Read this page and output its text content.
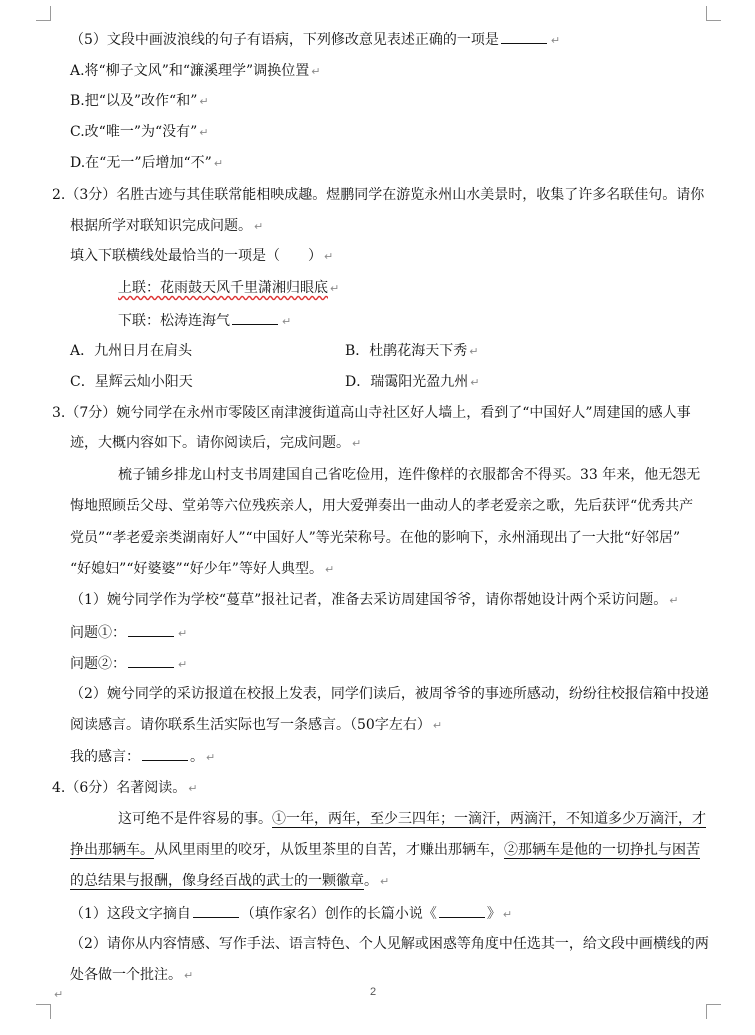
（5）文段中画波浪线的句子有语病，下列修改意见表述正确的一项是	↵
A.将“柳子文风”和“濂溪理学”调换位置 ↵
B.把“以及”改作“和” ↵
C.改“唯一”为“没有” ↵
D.在“无一”后增加“不” ↵
2.（3分）名胜古迹与其佳联常能相映成趣。煜鹏同学在游览永州山水美景时，收集了许多名联佳句。请你
根据所学对联知识完成问题。 ↵
填入下联横线处最恰当的一项是（　　） ↵
上联：花雨鼓天风千里潇湘归眼底 ↵
下联：松涛连海气	↵
A．九州日月在肩头	B．杜鹃花海天下秀 ↵
C．星辉云灿小阳天	D．瑞霭阳光盈九州 ↵
3.（7分）婉兮同学在永州市零陵区南津渡街道高山寺社区好人墙上，看到了“中国好人”周建国的感人事
迹，大概内容如下。请你阅读后，完成问题。 ↵
梳子铺乡排龙山村支书周建国自己省吃俭用，连件像样的衣服都舍不得买。33 年来，他无怨无
悔地照顾岳父母、堂弟等六位残疾亲人，用大爱弹奏出一曲动人的孝老爱亲之歌，先后获评“优秀共产
党员”“孝老爱亲类湖南好人”“中国好人”等光荣称号。在他的影响下，永州涌现出了一大批“好邻居”
“好媳妇”“好婆婆”“好少年”等好人典型。 ↵
（1）婉兮同学作为学校“蔓草”报社记者，准备去采访周建国爷爷，请你帮她设计两个采访问题。 ↵
问题①：	↵
问题②：	↵
（2）婉兮同学的采访报道在校报上发表，同学们读后，被周爷爷的事迹所感动，纷纷往校报信箱中投递
阅读感言。请你联系生活实际也写一条感言。（50字左右） ↵
我的感言：	。 ↵
4.（6分）名著阅读。 ↵
这可绝不是件容易的事。①一年，两年，至少三四年；一滴汗，两滴汗，不知道多少万滴汗，才
挣出那辆车。从风里雨里的咬牙，从饭里茶里的自苦，才赚出那辆车，②那辆车是他的一切挣扎与困苦
的总结果与报酬，像身经百战的武士的一颗徽章。 ↵
（1）这段文字摘自	（填作家名）创作的长篇小说《	》 ↵
（2）请你从内容情感、写作手法、语言特色、个人见解或困惑等角度中任选其一，给文段中画横线的两
处各做一个批注。 ↵
2
↵
